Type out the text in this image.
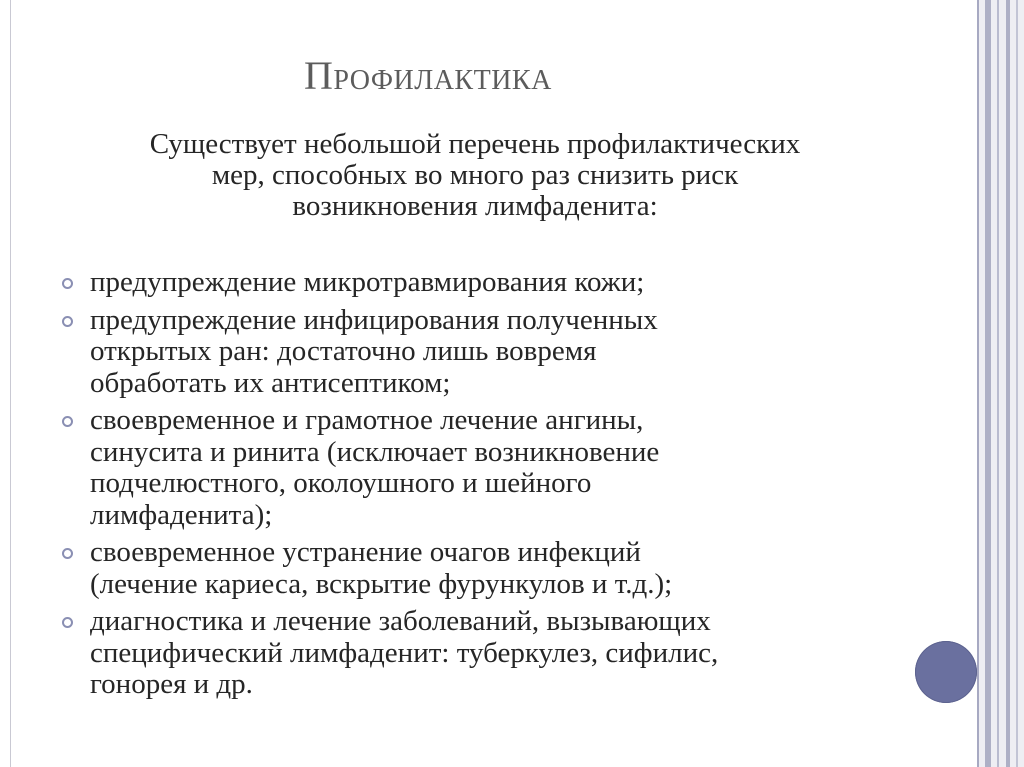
Профилактика
Существует небольшой перечень профилактических
мер, способных во много раз снизить риск
возникновения лимфаденита:
предупреждение микротравмирования кожи;
предупреждение инфицирования полученных
открытых ран: достаточно лишь вовремя
обработать их антисептиком;
своевременное и грамотное лечение ангины,
синусита и ринита (исключает возникновение
подчелюстного, околоушного и шейного
лимфаденита);
своевременное устранение очагов инфекций
(лечение кариеса, вскрытие фурункулов и т.д.);
диагностика и лечение заболеваний, вызывающих
специфический лимфаденит: туберкулез, сифилис,
гонорея и др.
